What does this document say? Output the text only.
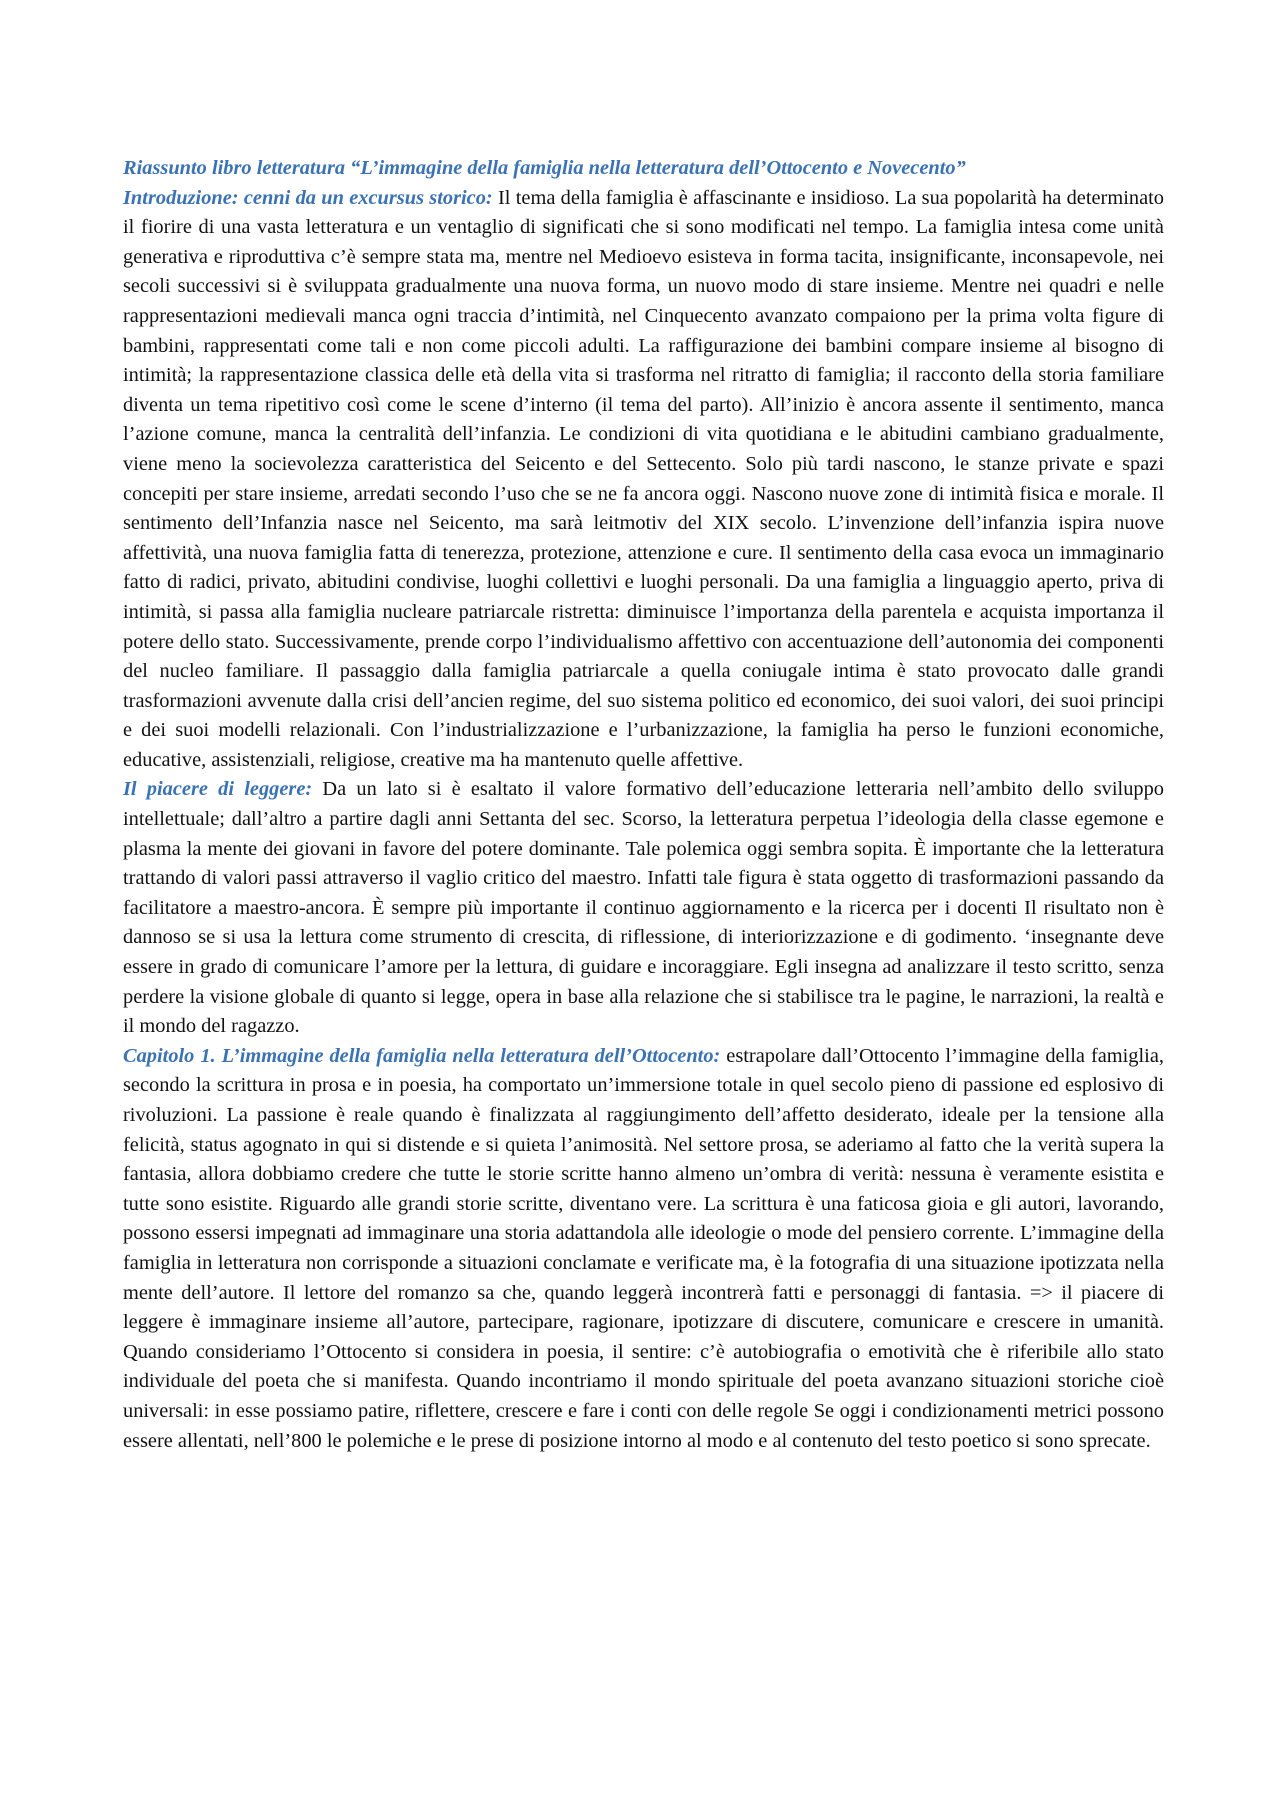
Riassunto libro letteratura “L’immagine della famiglia nella letteratura dell’Ottocento e Novecento”

Introduzione: cenni da un excursus storico: Il tema della famiglia è affascinante e insidioso. La sua popolarità ha determinato il fiorire di una vasta letteratura e un ventaglio di significati che si sono modificati nel tempo. La famiglia intesa come unità generativa e riproduttiva c’è sempre stata ma, mentre nel Medioevo esisteva in forma tacita, insignificante, inconsapevole, nei secoli successivi si è sviluppata gradualmente una nuova forma, un nuovo modo di stare insieme. Mentre nei quadri e nelle rappresentazioni medievali manca ogni traccia d’intimità, nel Cinquecento avanzato compaiono per la prima volta figure di bambini, rappresentati come tali e non come piccoli adulti. La raffigurazione dei bambini compare insieme al bisogno di intimità; la rappresentazione classica delle età della vita si trasforma nel ritratto di famiglia; il racconto della storia familiare diventa un tema ripetitivo così come le scene d’interno (il tema del parto). All’inizio è ancora assente il sentimento, manca l’azione comune, manca la centralità dell’infanzia. Le condizioni di vita quotidiana e le abitudini cambiano gradualmente, viene meno la socievolezza caratteristica del Seicento e del Settecento. Solo più tardi nascono, le stanze private e spazi concepiti per stare insieme, arredati secondo l’uso che se ne fa ancora oggi. Nascono nuove zone di intimità fisica e morale. Il sentimento dell’Infanzia nasce nel Seicento, ma sarà leitmotiv del XIX secolo. L’invenzione dell’infanzia ispira nuove affettività, una nuova famiglia fatta di tenerezza, protezione, attenzione e cure. Il sentimento della casa evoca un immaginario fatto di radici, privato, abitudini condivise, luoghi collettivi e luoghi personali. Da una famiglia a linguaggio aperto, priva di intimità, si passa alla famiglia nucleare patriarcale ristretta: diminuisce l’importanza della parentela e acquista importanza il potere dello stato. Successivamente, prende corpo l’individualismo affettivo con accentuazione dell’autonomia dei componenti del nucleo familiare. Il passaggio dalla famiglia patriarcale a quella coniugale intima è stato provocato dalle grandi trasformazioni avvenute dalla crisi dell’ancien regime, del suo sistema politico ed economico, dei suoi valori, dei suoi principi e dei suoi modelli relazionali. Con l’industrializzazione e l’urbanizzazione, la famiglia ha perso le funzioni economiche, educative, assistenziali, religiose, creative ma ha mantenuto quelle affettive.

Il piacere di leggere: Da un lato si è esaltato il valore formativo dell’educazione letteraria nell’ambito dello sviluppo intellettuale; dall’altro a partire dagli anni Settanta del sec. Scorso, la letteratura perpetua l’ideologia della classe egemone e plasma la mente dei giovani in favore del potere dominante. Tale polemica oggi sembra sopita. È importante che la letteratura trattando di valori passi attraverso il vaglio critico del maestro. Infatti tale figura è stata oggetto di trasformazioni passando da facilitatore a maestro-ancora. È sempre più importante il continuo aggiornamento e la ricerca per i docenti Il risultato non è dannoso se si usa la lettura come strumento di crescita, di riflessione, di interiorizzazione e di godimento. ‘insegnante deve essere in grado di comunicare l’amore per la lettura, di guidare e incoraggiare. Egli insegna ad analizzare il testo scritto, senza perdere la visione globale di quanto si legge, opera in base alla relazione che si stabilisce tra le pagine, le narrazioni, la realtà e il mondo del ragazzo.

Capitolo 1. L’immagine della famiglia nella letteratura dell’Ottocento: estrapolare dall’Ottocento l’immagine della famiglia, secondo la scrittura in prosa e in poesia, ha comportato un’immersione totale in quel secolo pieno di passione ed esplosivo di rivoluzioni. La passione è reale quando è finalizzata al raggiungimento dell’affetto desiderato, ideale per la tensione alla felicità, status agognato in qui si distende e si quieta l’animosità. Nel settore prosa, se aderiamo al fatto che la verità supera la fantasia, allora dobbiamo credere che tutte le storie scritte hanno almeno un’ombra di verità: nessuna è veramente esistita e tutte sono esistite. Riguardo alle grandi storie scritte, diventano vere. La scrittura è una faticosa gioia e gli autori, lavorando, possono essersi impegnati ad immaginare una storia adattandola alle ideologie o mode del pensiero corrente. L’immagine della famiglia in letteratura non corrisponde a situazioni conclamate e verificate ma, è la fotografia di una situazione ipotizzata nella mente dell’autore. Il lettore del romanzo sa che, quando leggerà incontrerà fatti e personaggi di fantasia. => il piacere di leggere è immaginare insieme all’autore, partecipare, ragionare, ipotizzare di discutere, comunicare e crescere in umanità. Quando consideriamo l’Ottocento si considera in poesia, il sentire: c’è autobiografia o emotività che è riferibile allo stato individuale del poeta che si manifesta. Quando incontriamo il mondo spirituale del poeta avanzano situazioni storiche cioè universali: in esse possiamo patire, riflettere, crescere e fare i conti con delle regole Se oggi i condizionamenti metrici possono essere allentati, nell’800 le polemiche e le prese di posizione intorno al modo e al contenuto del testo poetico si sono sprecate.
